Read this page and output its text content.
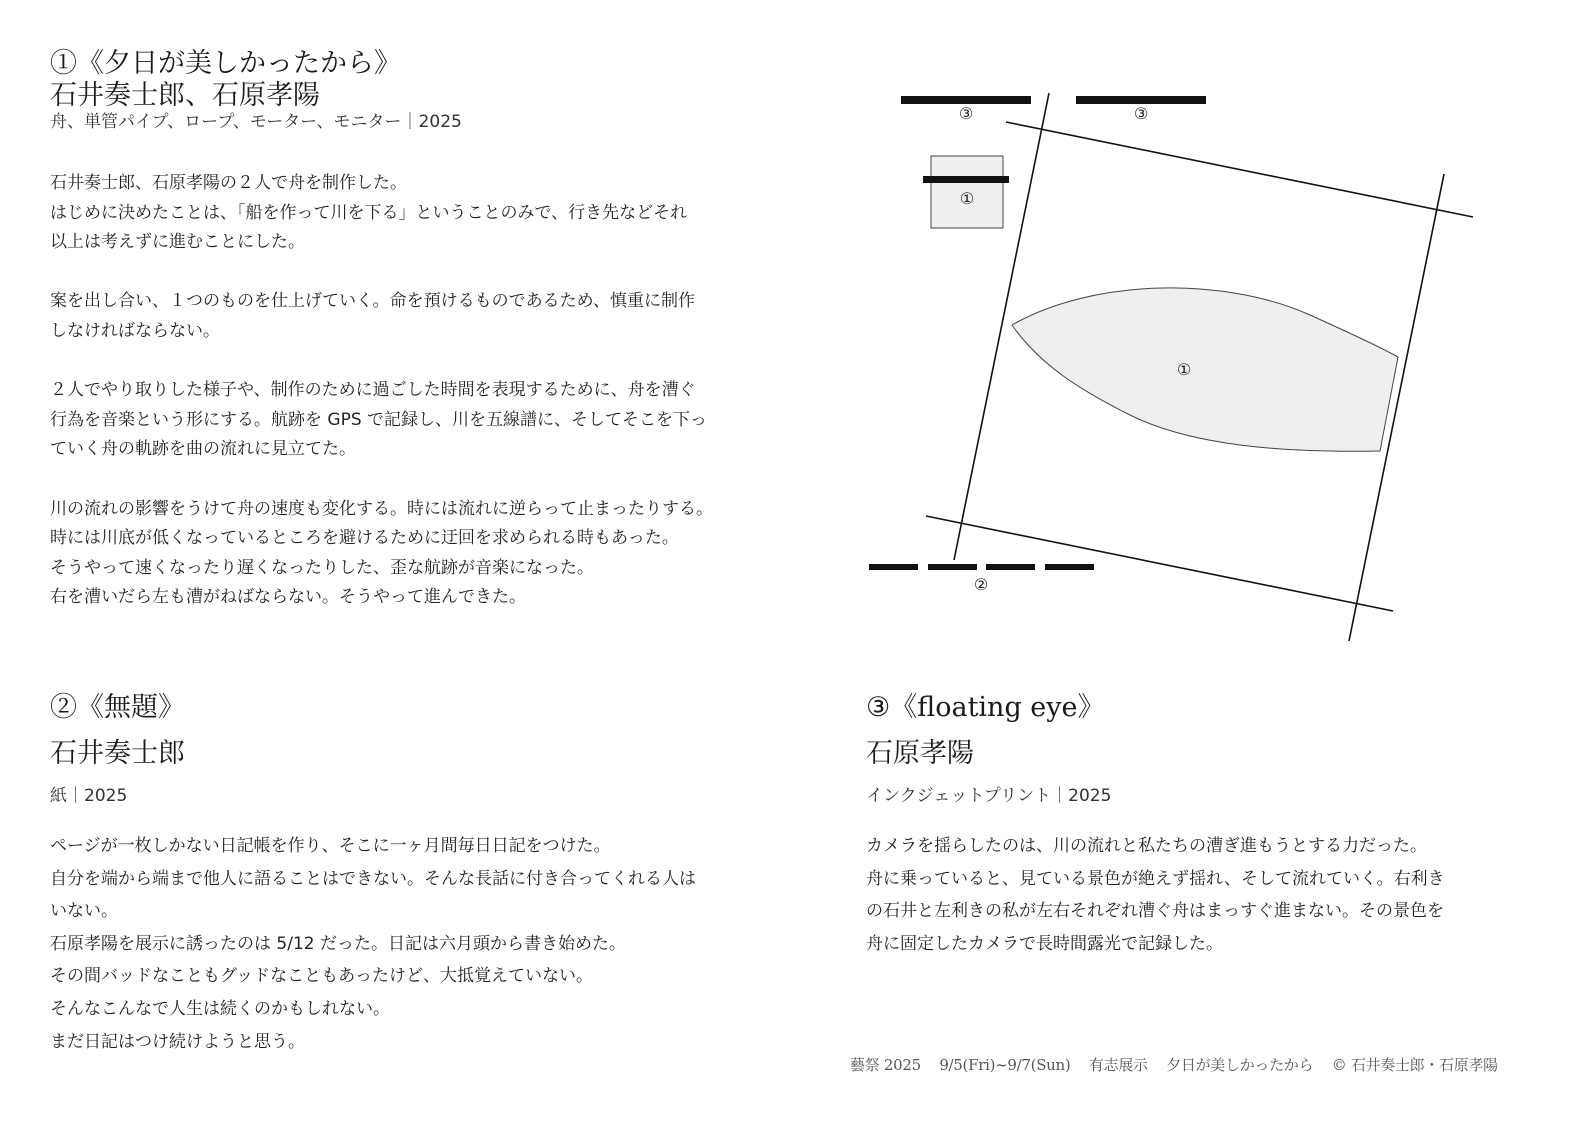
①《夕日が美しかったから》
石井奏士郎、石原孝陽
舟、単管パイプ、ロープ、モーター、モニター｜2025

石井奏士郎、石原孝陽の２人で舟を制作した。
はじめに決めたことは、「船を作って川を下る」ということのみで、行き先などそれ
以上は考えずに進むことにした。

案を出し合い、１つのものを仕上げていく。命を預けるものであるため、慎重に制作
しなければならない。

２人でやり取りした様子や、制作のために過ごした時間を表現するために、舟を漕ぐ
行為を音楽という形にする。航跡を GPS で記録し、川を五線譜に、そしてそこを下っ
ていく舟の軌跡を曲の流れに見立てた。

川の流れの影響をうけて舟の速度も変化する。時には流れに逆らって止まったりする。
時には川底が低くなっているところを避けるために迂回を求められる時もあった。
そうやって速くなったり遅くなったりした、歪な航跡が音楽になった。
右を漕いだら左も漕がねばならない。そうやって進んできた。

③	③
①
①
②
②《無題》
石井奏士郎
紙｜2025
ページが一枚しかない日記帳を作り、そこに一ヶ月間毎日日記をつけた。
自分を端から端まで他人に語ることはできない。そんな長話に付き合ってくれる人は
いない。
石原孝陽を展示に誘ったのは 5/12 だった。日記は六月頭から書き始めた。
その間バッドなこともグッドなこともあったけど、大抵覚えていない。
そんなこんなで人生は続くのかもしれない。
まだ日記はつけ続けようと思う。
③《floating eye》
石原孝陽
インクジェットプリント｜2025
カメラを揺らしたのは、川の流れと私たちの漕ぎ進もうとする力だった。
舟に乗っていると、見ている景色が絶えず揺れ、そして流れていく。右利き
の石井と左利きの私が左右それぞれ漕ぐ舟はまっすぐ進まない。その景色を
舟に固定したカメラで長時間露光で記録した。
藝祭 2025 9/5(Fri)~9/7(Sun) 有志展示 夕日が美しかったから © 石井奏士郎・石原孝陽
